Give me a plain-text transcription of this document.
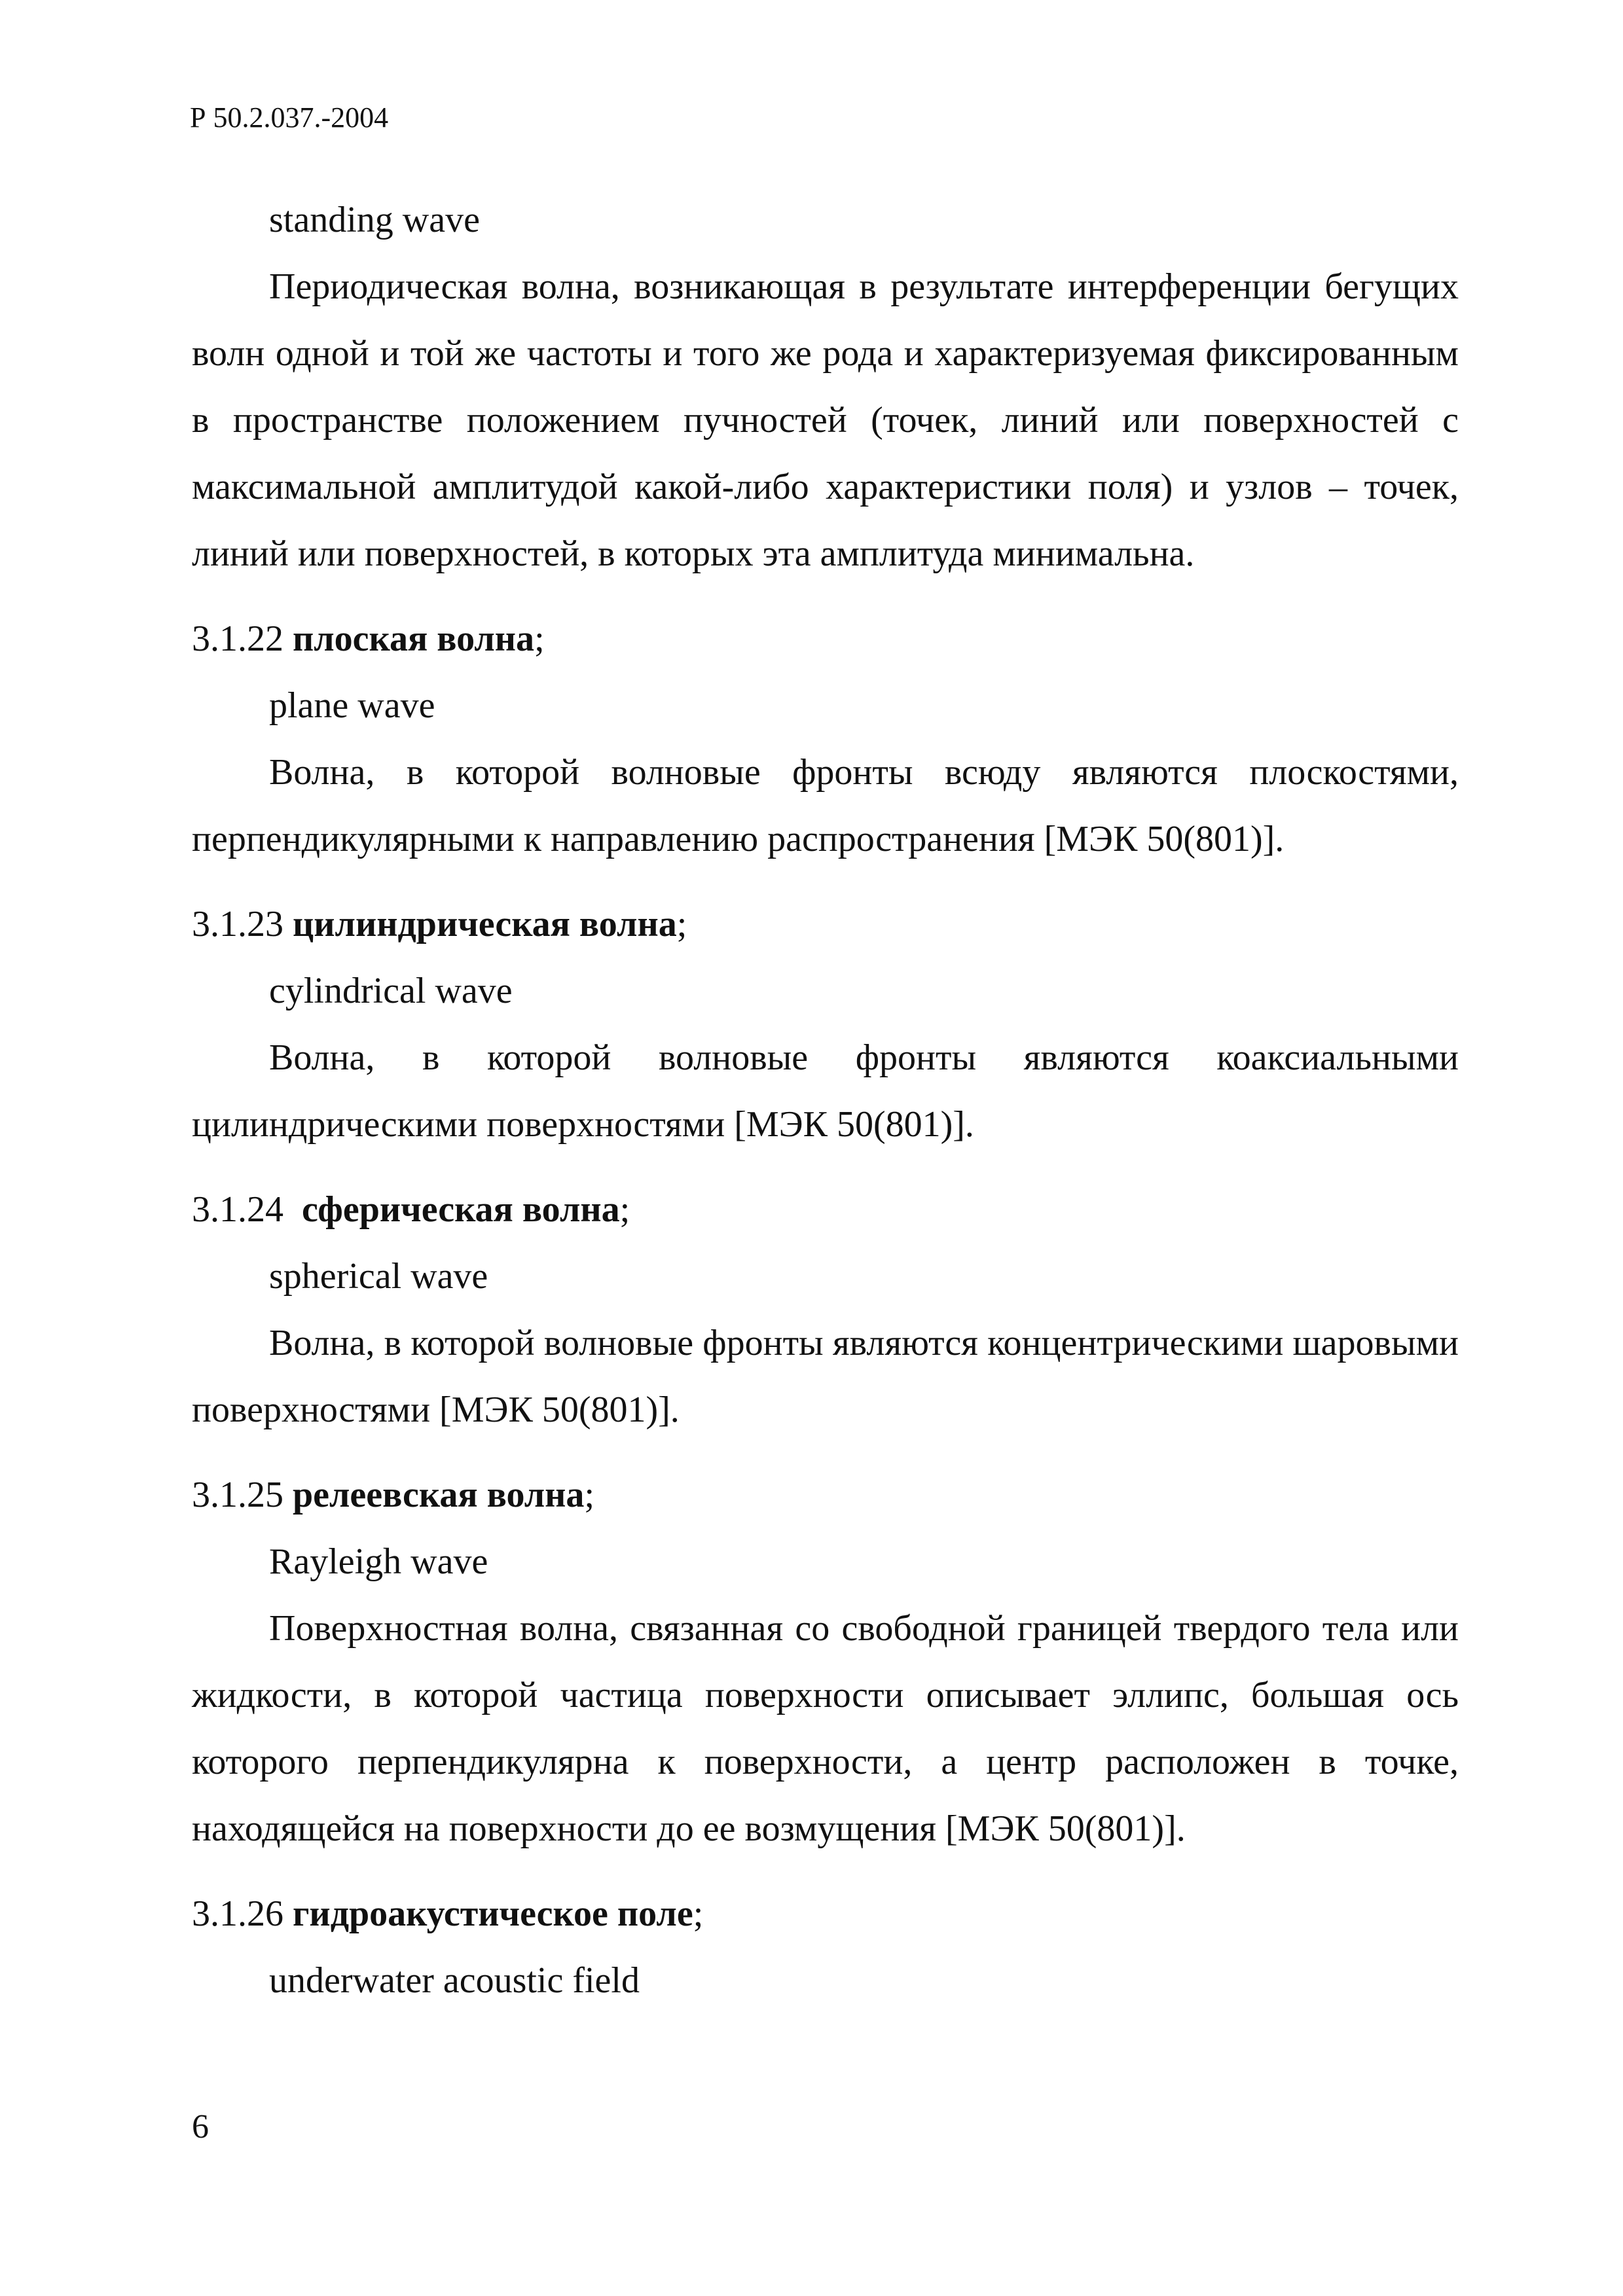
Р 50.2.037.-2004

standing wave

Периодическая волна, возникающая в результате интерференции бегущих волн одной и той же частоты и того же рода и характеризуемая фиксированным в пространстве положением пучностей (точек, линий или поверхностей с максимальной амплитудой какой-либо характеристики поля) и узлов – точек, линий или поверхностей, в которых эта амплитуда минимальна.

3.1.22 плоская волна;

plane wave

Волна, в которой волновые фронты всюду являются плоскостями, перпендикулярными к направлению распространения [МЭК 50(801)].

3.1.23 цилиндрическая волна;

cylindrical wave

Волна, в которой волновые фронты являются коаксиальными цилиндрическими поверхностями [МЭК 50(801)].

3.1.24 сферическая волна;

spherical wave

Волна, в которой волновые фронты являются концентрическими шаровыми поверхностями [МЭК 50(801)].

3.1.25 релеевская волна;

Rayleigh wave

Поверхностная волна, связанная со свободной границей твердого тела или жидкости, в которой частица поверхности описывает эллипс, большая ось которого перпендикулярна к поверхности, а центр расположен в точке, находящейся на поверхности до ее возмущения [МЭК 50(801)].

3.1.26 гидроакустическое поле;

underwater acoustic field

6
